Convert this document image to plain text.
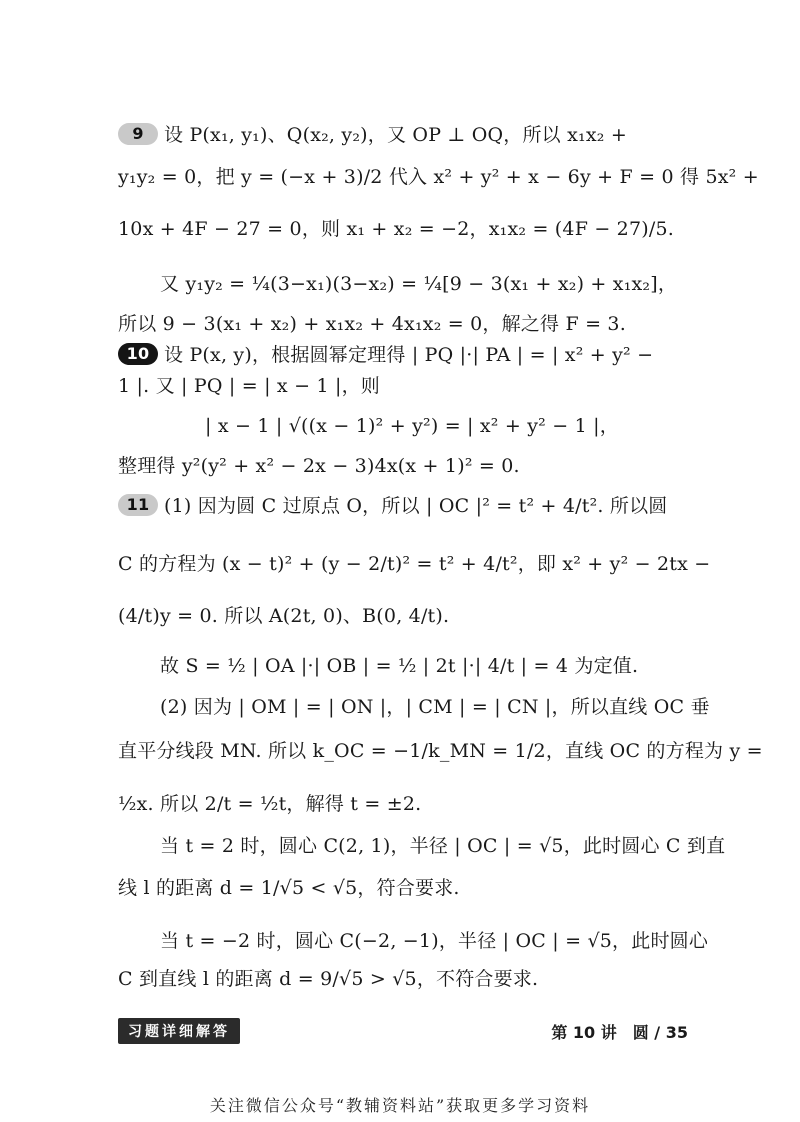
9 设 P(x₁, y₁)、Q(x₂, y₂)，又 OP ⊥ OQ，所以 x₁x₂ +
y₁y₂ = 0，把 y = (−x + 3)/2 代入 x² + y² + x − 6y + F = 0 得 5x² +
10x + 4F − 27 = 0，则 x₁ + x₂ = −2，x₁x₂ = (4F − 27)/5.
又 y₁y₂ = ¼(3−x₁)(3−x₂) = ¼[9 − 3(x₁ + x₂) + x₁x₂]，
所以 9 − 3(x₁ + x₂) + x₁x₂ + 4x₁x₂ = 0，解之得 F = 3.
10 设 P(x, y)，根据圆幂定理得 | PQ |·| PA | = | x² + y² −
1 |. 又 | PQ | = | x − 1 |，则
| x − 1 | √((x − 1)² + y²) = | x² + y² − 1 |，
整理得 y²(y² + x² − 2x − 3)4x(x + 1)² = 0.
11 (1) 因为圆 C 过原点 O，所以 | OC |² = t² + 4/t². 所以圆
C 的方程为 (x − t)² + (y − 2/t)² = t² + 4/t²，即 x² + y² − 2tx −
(4/t)y = 0. 所以 A(2t, 0)、B(0, 4/t).
故 S = ½ | OA |·| OB | = ½ | 2t |·| 4/t | = 4 为定值.
(2) 因为 | OM | = | ON |，| CM | = | CN |，所以直线 OC 垂
直平分线段 MN. 所以 k_OC = −1/k_MN = 1/2，直线 OC 的方程为 y =
½x. 所以 2/t = ½t，解得 t = ±2.
当 t = 2 时，圆心 C(2, 1)，半径 | OC | = √5，此时圆心 C 到直
线 l 的距离 d = 1/√5 < √5，符合要求.
当 t = −2 时，圆心 C(−2, −1)，半径 | OC | = √5，此时圆心
C 到直线 l 的距离 d = 9/√5 > √5，不符合要求.
习题详细解答	第 10 讲　圆 / 35
关注微信公众号“教辅资料站”获取更多学习资料
